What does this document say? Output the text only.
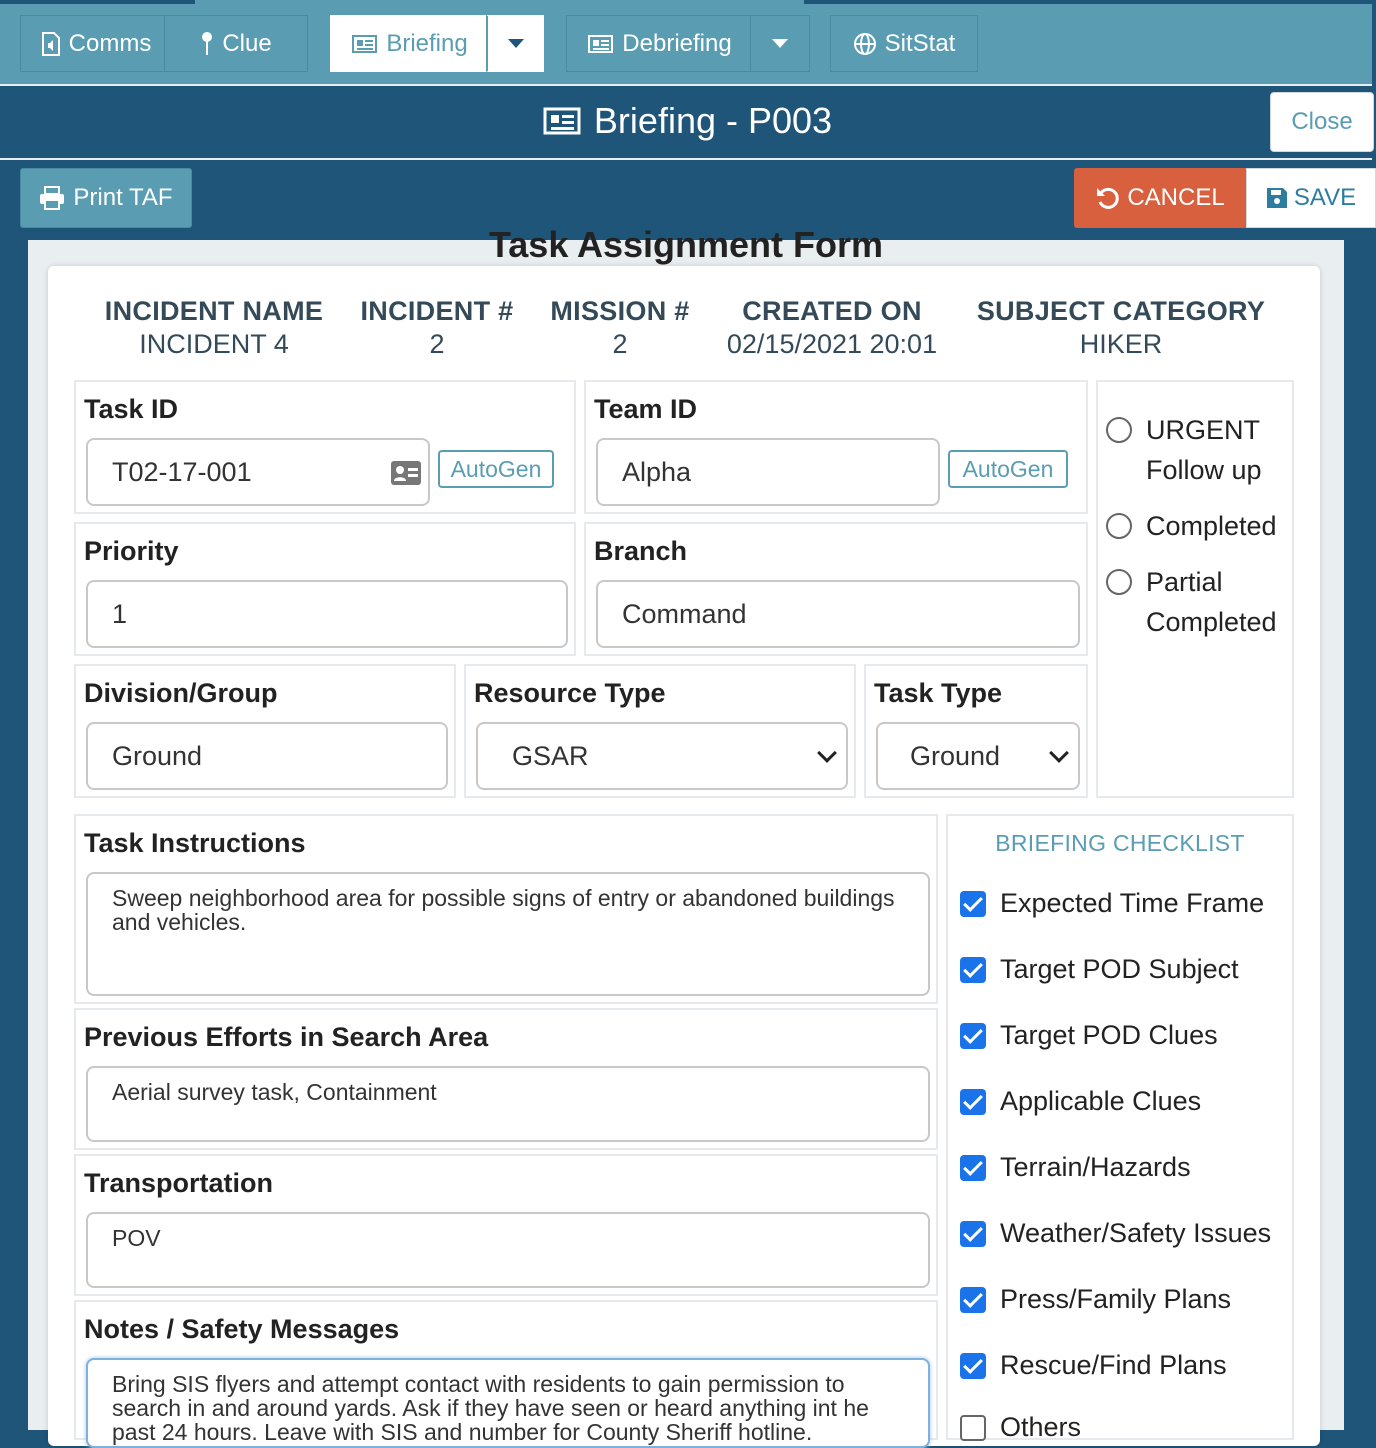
Comms	Clue	Briefing	Debriefing	SitStat
Briefing - P003	Close
Print TAF	CANCEL	SAVE
Task Assignment Form
INCIDENT NAME
INCIDENT 4
INCIDENT #
2
MISSION #
2
CREATED ON
02/15/2021 20:01
SUBJECT CATEGORY
HIKER
Task ID
T02-17-001	AutoGen
Team ID
Alpha	AutoGen
URGENT
Follow up
Completed
Partial
Completed
Priority
1
Branch
Command
Division/Group
Ground
Resource Type
GSAR
Task Type
Ground
Task Instructions
Sweep neighborhood area for possible signs of entry or abandoned buildings and vehicles.
Previous Efforts in Search Area
Aerial survey task, Containment
Transportation
POV
Notes / Safety Messages
Bring SIS flyers and attempt contact with residents to gain permission to search in and around yards. Ask if they have seen or heard anything int he past 24 hours. Leave with SIS and number for County Sheriff hotline.
BRIEFING CHECKLIST
Expected Time Frame
Target POD Subject
Target POD Clues
Applicable Clues
Terrain/Hazards
Weather/Safety Issues
Press/Family Plans
Rescue/Find Plans
Others
